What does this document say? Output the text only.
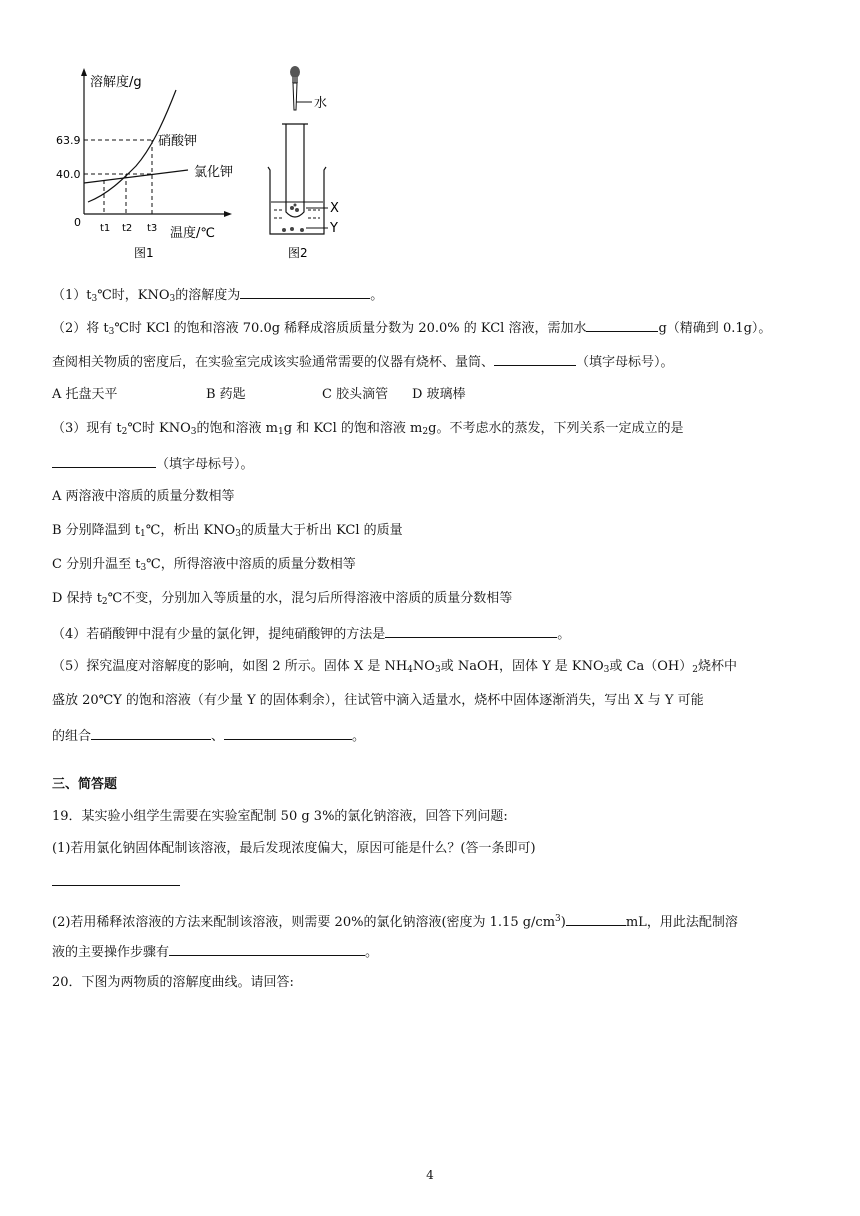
63.9
40.0
0 t1 t2 t3
溶解度/g
温度/℃
硝酸钾
氯化钾
图1
水
X
Y
图2
$(1)t_3℃$时，$KNO_3$的溶解度为	。
（2）将 $t_3℃$时 KCl 的饱和溶液 70.0g 稀释成溶质质量分数为 20.0% 的 KCl 溶液，需加水	g（精确到 0.1g）。
查阅相关物质的密度后，在实验室完成该实验通常需要的仪器有烧杯、量筒、	（填字母标号）。
A 托盘天平	B 药匙	C 胶头滴管 D 玻璃棒
（3）现有 $t_2℃$时 $KNO_3$的饱和溶液 $m_1g$ 和 KCl 的饱和溶液 $m_2g$。不考虑水的蒸发，下列关系一定成立的是
（填字母标号）。
A 两溶液中溶质的质量分数相等
B 分别降温到 $t_1℃$，析出 $KNO_3$的质量大于析出 KCl 的质量
C 分别升温至 $t_3℃$，所得溶液中溶质的质量分数相等
D 保持 $t_2℃$不变，分别加入等质量的水，混匀后所得溶液中溶质的质量分数相等
（4）若硝酸钾中混有少量的氯化钾，提纯硝酸钾的方法是	。
（5）探究温度对溶解度的影响，如图 2 所示。固体 X 是 $NH_4NO_3$或 NaOH，固体 Y 是 $KNO_3$或 $Ca(OH)_2$烧杯中
盛放 20℃Y 的饱和溶液（有少量 Y 的固体剩余），往试管中滴入适量水，烧杯中固体逐渐消失，写出 X 与 Y 可能
的组合	、	。
三、简答题
19．某实验小组学生需要在实验室配制 50 g 3%的氯化钠溶液，回答下列问题:
(1)若用氯化钠固体配制该溶液，最后发现浓度偏大，原因可能是什么？(答一条即可)
(2)若用稀释浓溶液的方法来配制该溶液，则需要 20%的氯化钠溶液(密度为 1.15 $g/cm^3$)	mL，用此法配制溶
液的主要操作步骤有	。
20．下图为两物质的溶解度曲线。请回答:
4
